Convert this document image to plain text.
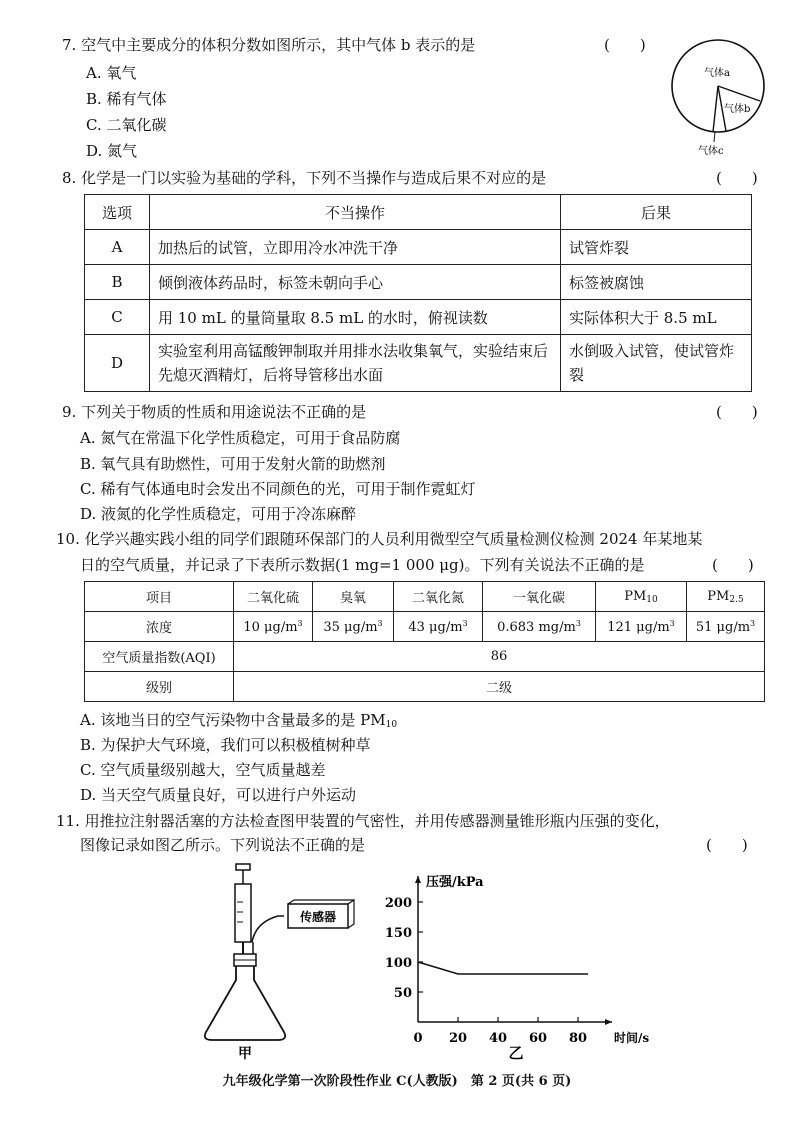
7. 空气中主要成分的体积分数如图所示，其中气体 b 表示的是	(　　)
A. 氧气
B. 稀有气体
C. 二氧化碳
D. 氮气
气体a
气体b
气体c
8. 化学是一门以实验为基础的学科，下列不当操作与造成后果不对应的是	(　　)
选项	不当操作	后果
A	加热后的试管，立即用冷水冲洗干净	试管炸裂
B	倾倒液体药品时，标签未朝向手心	标签被腐蚀
C	用 10 mL 的量筒量取 8.5 mL 的水时，俯视读数	实际体积大于 8.5 mL
D	实验室利用高锰酸钾制取并用排水法收集氧气，实验结束后先熄灭酒精灯，后将导管移出水面	水倒吸入试管，使试管炸裂
9. 下列关于物质的性质和用途说法不正确的是	(　　)
A. 氮气在常温下化学性质稳定，可用于食品防腐
B. 氧气具有助燃性，可用于发射火箭的助燃剂
C. 稀有气体通电时会发出不同颜色的光，可用于制作霓虹灯
D. 液氮的化学性质稳定，可用于冷冻麻醉
10. 化学兴趣实践小组的同学们跟随环保部门的人员利用微型空气质量检测仪检测 2024 年某地某
日的空气质量，并记录了下表所示数据(1 mg=1 000 μg)。下列有关说法不正确的是	(　　)
项目	二氧化硫	臭氧	二氧化氮	一氧化碳	$PM_{10}$	$PM_{2.5}$
浓度	10 $\mu g/m^3$	35 $\mu g/m^3$	43 $\mu g/m^3$	0.683 $mg/m^3$	121 $\mu g/m^3$	51 $\mu g/m^3$
空气质量指数(AQI)	86					
级别	二级					
A. 该地当日的空气污染物中含量最多的是 $PM_{10}$
B. 为保护大气环境，我们可以积极植树种草
C. 空气质量级别越大，空气质量越差
D. 当天空气质量良好，可以进行户外运动
11. 用推拉注射器活塞的方法检查图甲装置的气密性，并用传感器测量锥形瓶内压强的变化，
图像记录如图乙所示。下列说法不正确的是	(　　)
传感器
甲
压强/kPa
时间/s
200
150
100
50
0 20 40 60 80
乙
九年级化学第一次阶段性作业 C(人教版)　第 2 页(共 6 页)
